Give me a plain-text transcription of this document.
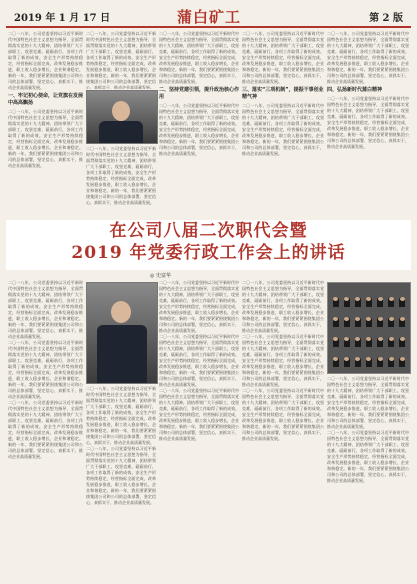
2019 年 1 月 17 日	蒲白矿工	第 2 版
二〇一八年，公司党委坚持以习近平新时代中国特色社会主义思想为指导，全面贯彻落实党的十九大精神，团结带领广大干部职工，攻坚克难，砥砺前行，各项工作取得了新的成效。安全生产形势持续稳定，经营指标全面完成，改革发展稳步推进，职工收入稳步增长，企业和谐稳定。新的一年，我们要紧紧围绕集团公司和公司的总体部署，坚定信心，真抓实干，推动企业高质量发展。
一、牢记初心使命，让党旗在发展中高高飘扬
二〇一八年，公司党委坚持以习近平新时代中国特色社会主义思想为指导，全面贯彻落实党的十九大精神，团结带领广大干部职工，攻坚克难，砥砺前行，各项工作取得了新的成效。安全生产形势持续稳定，经营指标全面完成，改革发展稳步推进，职工收入稳步增长，企业和谐稳定。新的一年，我们要紧紧围绕集团公司和公司的总体部署，坚定信心，真抓实干，推动企业高质量发展。
二〇一八年，公司党委坚持以习近平新时代中国特色社会主义思想为指导，全面贯彻落实党的十九大精神，团结带领广大干部职工，攻坚克难，砥砺前行，各项工作取得了新的成效。安全生产形势持续稳定，经营指标全面完成，改革发展稳步推进，职工收入稳步增长，企业和谐稳定。新的一年，我们要紧紧围绕集团公司和公司的总体部署，坚定信心，真抓实干，推动企业高质量发展。
二〇一八年，公司党委坚持以习近平新时代中国特色社会主义思想为指导，全面贯彻落实党的十九大精神，团结带领广大干部职工，攻坚克难，砥砺前行，各项工作取得了新的成效。安全生产形势持续稳定，经营指标全面完成，改革发展稳步推进，职工收入稳步增长，企业和谐稳定。新的一年，我们要紧紧围绕集团公司和公司的总体部署，坚定信心，真抓实干，推动企业高质量发展。
二〇一八年，公司党委坚持以习近平新时代中国特色社会主义思想为指导，全面贯彻落实党的十九大精神，团结带领广大干部职工，攻坚克难，砥砺前行，各项工作取得了新的成效。安全生产形势持续稳定，经营指标全面完成，改革发展稳步推进，职工收入稳步增长，企业和谐稳定。新的一年，我们要紧紧围绕集团公司和公司的总体部署，坚定信心，真抓实干，推动企业高质量发展。
二、坚持党建引领，提升政治核心作用
二〇一八年，公司党委坚持以习近平新时代中国特色社会主义思想为指导，全面贯彻落实党的十九大精神，团结带领广大干部职工，攻坚克难，砥砺前行，各项工作取得了新的成效。安全生产形势持续稳定，经营指标全面完成，改革发展稳步推进，职工收入稳步增长，企业和谐稳定。新的一年，我们要紧紧围绕集团公司和公司的总体部署，坚定信心，真抓实干，推动企业高质量发展。
二〇一八年，公司党委坚持以习近平新时代中国特色社会主义思想为指导，全面贯彻落实党的十九大精神，团结带领广大干部职工，攻坚克难，砥砺前行，各项工作取得了新的成效。安全生产形势持续稳定，经营指标全面完成，改革发展稳步推进，职工收入稳步增长，企业和谐稳定。新的一年，我们要紧紧围绕集团公司和公司的总体部署，坚定信心，真抓实干，推动企业高质量发展。
三、落实“三项机制”，提振干事创业精气神
二〇一八年，公司党委坚持以习近平新时代中国特色社会主义思想为指导，全面贯彻落实党的十九大精神，团结带领广大干部职工，攻坚克难，砥砺前行，各项工作取得了新的成效。安全生产形势持续稳定，经营指标全面完成，改革发展稳步推进，职工收入稳步增长，企业和谐稳定。新的一年，我们要紧紧围绕集团公司和公司的总体部署，坚定信心，真抓实干，推动企业高质量发展。
二〇一八年，公司党委坚持以习近平新时代中国特色社会主义思想为指导，全面贯彻落实党的十九大精神，团结带领广大干部职工，攻坚克难，砥砺前行，各项工作取得了新的成效。安全生产形势持续稳定，经营指标全面完成，改革发展稳步推进，职工收入稳步增长，企业和谐稳定。新的一年，我们要紧紧围绕集团公司和公司的总体部署，坚定信心，真抓实干，推动企业高质量发展。
四、弘扬新时代蒲白精神
二〇一八年，公司党委坚持以习近平新时代中国特色社会主义思想为指导，全面贯彻落实党的十九大精神，团结带领广大干部职工，攻坚克难，砥砺前行，各项工作取得了新的成效。安全生产形势持续稳定，经营指标全面完成，改革发展稳步推进，职工收入稳步增长，企业和谐稳定。新的一年，我们要紧紧围绕集团公司和公司的总体部署，坚定信心，真抓实干，推动企业高质量发展。
在公司八届二次职代会暨
2019 年党委行政工作会上的讲话
◎ 史富华
二〇一八年，公司党委坚持以习近平新时代中国特色社会主义思想为指导，全面贯彻落实党的十九大精神，团结带领广大干部职工，攻坚克难，砥砺前行，各项工作取得了新的成效。安全生产形势持续稳定，经营指标全面完成，改革发展稳步推进，职工收入稳步增长，企业和谐稳定。新的一年，我们要紧紧围绕集团公司和公司的总体部署，坚定信心，真抓实干，推动企业高质量发展。
二〇一八年，公司党委坚持以习近平新时代中国特色社会主义思想为指导，全面贯彻落实党的十九大精神，团结带领广大干部职工，攻坚克难，砥砺前行，各项工作取得了新的成效。安全生产形势持续稳定，经营指标全面完成，改革发展稳步推进，职工收入稳步增长，企业和谐稳定。新的一年，我们要紧紧围绕集团公司和公司的总体部署，坚定信心，真抓实干，推动企业高质量发展。
二〇一八年，公司党委坚持以习近平新时代中国特色社会主义思想为指导，全面贯彻落实党的十九大精神，团结带领广大干部职工，攻坚克难，砥砺前行，各项工作取得了新的成效。安全生产形势持续稳定，经营指标全面完成，改革发展稳步推进，职工收入稳步增长，企业和谐稳定。新的一年，我们要紧紧围绕集团公司和公司的总体部署，坚定信心，真抓实干，推动企业高质量发展。
二〇一八年，公司党委坚持以习近平新时代中国特色社会主义思想为指导，全面贯彻落实党的十九大精神，团结带领广大干部职工，攻坚克难，砥砺前行，各项工作取得了新的成效。安全生产形势持续稳定，经营指标全面完成，改革发展稳步推进，职工收入稳步增长，企业和谐稳定。新的一年，我们要紧紧围绕集团公司和公司的总体部署，坚定信心，真抓实干，推动企业高质量发展。
二〇一八年，公司党委坚持以习近平新时代中国特色社会主义思想为指导，全面贯彻落实党的十九大精神，团结带领广大干部职工，攻坚克难，砥砺前行，各项工作取得了新的成效。安全生产形势持续稳定，经营指标全面完成，改革发展稳步推进，职工收入稳步增长，企业和谐稳定。新的一年，我们要紧紧围绕集团公司和公司的总体部署，坚定信心，真抓实干，推动企业高质量发展。
二〇一八年，公司党委坚持以习近平新时代中国特色社会主义思想为指导，全面贯彻落实党的十九大精神，团结带领广大干部职工，攻坚克难，砥砺前行，各项工作取得了新的成效。安全生产形势持续稳定，经营指标全面完成，改革发展稳步推进，职工收入稳步增长，企业和谐稳定。新的一年，我们要紧紧围绕集团公司和公司的总体部署，坚定信心，真抓实干，推动企业高质量发展。
二〇一八年，公司党委坚持以习近平新时代中国特色社会主义思想为指导，全面贯彻落实党的十九大精神，团结带领广大干部职工，攻坚克难，砥砺前行，各项工作取得了新的成效。安全生产形势持续稳定，经营指标全面完成，改革发展稳步推进，职工收入稳步增长，企业和谐稳定。新的一年，我们要紧紧围绕集团公司和公司的总体部署，坚定信心，真抓实干，推动企业高质量发展。
二〇一八年，公司党委坚持以习近平新时代中国特色社会主义思想为指导，全面贯彻落实党的十九大精神，团结带领广大干部职工，攻坚克难，砥砺前行，各项工作取得了新的成效。安全生产形势持续稳定，经营指标全面完成，改革发展稳步推进，职工收入稳步增长，企业和谐稳定。新的一年，我们要紧紧围绕集团公司和公司的总体部署，坚定信心，真抓实干，推动企业高质量发展。
二〇一八年，公司党委坚持以习近平新时代中国特色社会主义思想为指导，全面贯彻落实党的十九大精神，团结带领广大干部职工，攻坚克难，砥砺前行，各项工作取得了新的成效。安全生产形势持续稳定，经营指标全面完成，改革发展稳步推进，职工收入稳步增长，企业和谐稳定。新的一年，我们要紧紧围绕集团公司和公司的总体部署，坚定信心，真抓实干，推动企业高质量发展。
二〇一八年，公司党委坚持以习近平新时代中国特色社会主义思想为指导，全面贯彻落实党的十九大精神，团结带领广大干部职工，攻坚克难，砥砺前行，各项工作取得了新的成效。安全生产形势持续稳定，经营指标全面完成，改革发展稳步推进，职工收入稳步增长，企业和谐稳定。新的一年，我们要紧紧围绕集团公司和公司的总体部署，坚定信心，真抓实干，推动企业高质量发展。
二〇一八年，公司党委坚持以习近平新时代中国特色社会主义思想为指导，全面贯彻落实党的十九大精神，团结带领广大干部职工，攻坚克难，砥砺前行，各项工作取得了新的成效。安全生产形势持续稳定，经营指标全面完成，改革发展稳步推进，职工收入稳步增长，企业和谐稳定。新的一年，我们要紧紧围绕集团公司和公司的总体部署，坚定信心，真抓实干，推动企业高质量发展。
二〇一八年，公司党委坚持以习近平新时代中国特色社会主义思想为指导，全面贯彻落实党的十九大精神，团结带领广大干部职工，攻坚克难，砥砺前行，各项工作取得了新的成效。安全生产形势持续稳定，经营指标全面完成，改革发展稳步推进，职工收入稳步增长，企业和谐稳定。新的一年，我们要紧紧围绕集团公司和公司的总体部署，坚定信心，真抓实干，推动企业高质量发展。
二〇一八年，公司党委坚持以习近平新时代中国特色社会主义思想为指导，全面贯彻落实党的十九大精神，团结带领广大干部职工，攻坚克难，砥砺前行，各项工作取得了新的成效。安全生产形势持续稳定，经营指标全面完成，改革发展稳步推进，职工收入稳步增长，企业和谐稳定。新的一年，我们要紧紧围绕集团公司和公司的总体部署，坚定信心，真抓实干，推动企业高质量发展。
